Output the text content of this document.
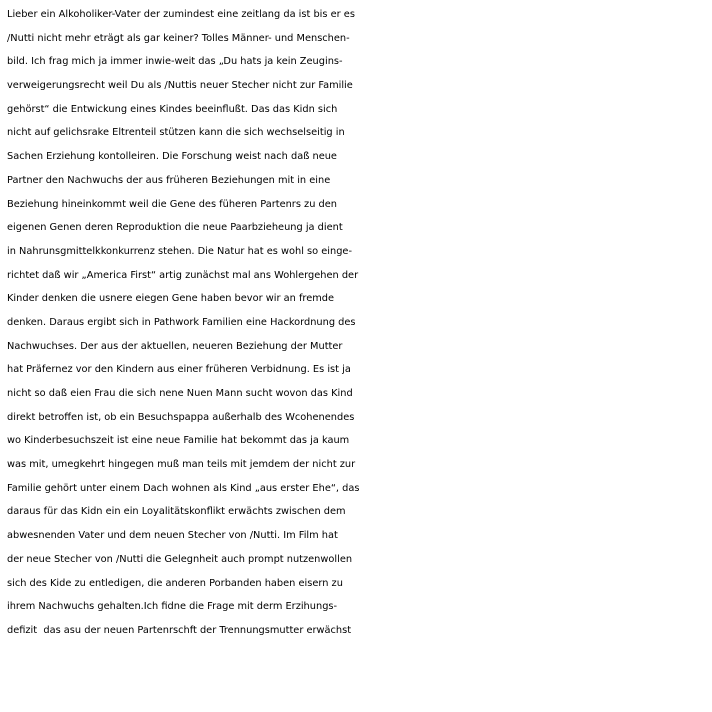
Lieber ein Alkoholiker-Vater der zumindest eine zeitlang da ist bis er es
/Nutti nicht mehr eträgt als gar keiner? Tolles Männer- und Menschen-
bild. Ich frag mich ja immer inwie-weit das „Du hats ja kein Zeugins-
verweigerungsrecht weil Du als /Nuttis neuer Stecher nicht zur Familie
gehörst“ die Entwickung eines Kindes beeinflußt. Das das Kidn sich
nicht auf gelichsrake Eltrenteil stützen kann die sich wechselseitig in
Sachen Erziehung kontolleiren. Die Forschung weist nach daß neue
Partner den Nachwuchs der aus früheren Beziehungen mit in eine
Beziehung hineinkommt weil die Gene des füheren Partenrs zu den
eigenen Genen deren Reproduktion die neue Paarbzieheung ja dient
in Nahrunsgmittelkkonkurrenz stehen. Die Natur hat es wohl so einge-
richtet daß wir „America First“ artig zunächst mal ans Wohlergehen der
Kinder denken die usnere eiegen Gene haben bevor wir an fremde
denken. Daraus ergibt sich in Pathwork Familien eine Hackordnung des
Nachwuchses. Der aus der aktuellen, neueren Beziehung der Mutter
hat Präfernez vor den Kindern aus einer früheren Verbidnung. Es ist ja
nicht so daß eien Frau die sich nene Nuen Mann sucht wovon das Kind
direkt betroffen ist, ob ein Besuchspappa außerhalb des Wcohenendes
wo Kinderbesuchszeit ist eine neue Familie hat bekommt das ja kaum
was mit, umegkehrt hingegen muß man teils mit jemdem der nicht zur
Familie gehört unter einem Dach wohnen als Kind „aus erster Ehe“, das
daraus für das Kidn ein ein Loyalitätskonflikt erwächts zwischen dem
abwesnenden Vater und dem neuen Stecher von /Nutti. Im Film hat
der neue Stecher von /Nutti die Gelegnheit auch prompt nutzenwollen
sich des Kide zu entledigen, die anderen Porbanden haben eisern zu
ihrem Nachwuchs gehalten.Ich fidne die Frage mit derm Erzihungs-
defizit  das asu der neuen Partenrschft der Trennungsmutter erwächst
